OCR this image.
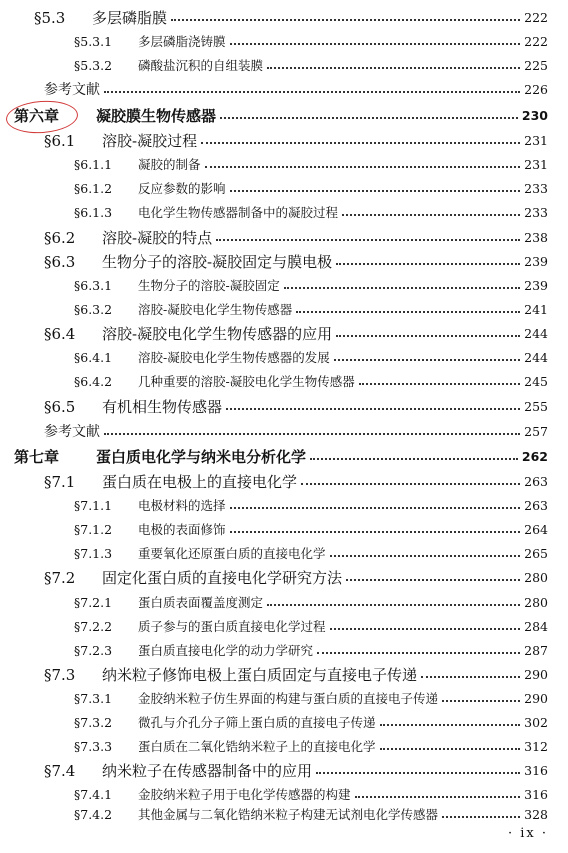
§5.3	多层磷脂膜	222
§5.3.1	多层磷脂浇铸膜	222
§5.3.2	磷酸盐沉积的自组装膜	225
参考文献	226
第六章	凝胶膜生物传感器	230
§6.1	溶胶-凝胶过程	231
§6.1.1	凝胶的制备	231
§6.1.2	反应参数的影响	233
§6.1.3	电化学生物传感器制备中的凝胶过程	233
§6.2	溶胶-凝胶的特点	238
§6.3	生物分子的溶胶-凝胶固定与膜电极	239
§6.3.1	生物分子的溶胶-凝胶固定	239
§6.3.2	溶胶-凝胶电化学生物传感器	241
§6.4	溶胶-凝胶电化学生物传感器的应用	244
§6.4.1	溶胶-凝胶电化学生物传感器的发展	244
§6.4.2	几种重要的溶胶-凝胶电化学生物传感器	245
§6.5	有机相生物传感器	255
参考文献	257
第七章	蛋白质电化学与纳米电分析化学	262
§7.1	蛋白质在电极上的直接电化学	263
§7.1.1	电极材料的选择	263
§7.1.2	电极的表面修饰	264
§7.1.3	重要氧化还原蛋白质的直接电化学	265
§7.2	固定化蛋白质的直接电化学研究方法	280
§7.2.1	蛋白质表面覆盖度测定	280
§7.2.2	质子参与的蛋白质直接电化学过程	284
§7.2.3	蛋白质直接电化学的动力学研究	287
§7.3	纳米粒子修饰电极上蛋白质固定与直接电子传递	290
§7.3.1	金胶纳米粒子仿生界面的构建与蛋白质的直接电子传递	290
§7.3.2	微孔与介孔分子筛上蛋白质的直接电子传递	302
§7.3.3	蛋白质在二氧化锆纳米粒子上的直接电化学	312
§7.4	纳米粒子在传感器制备中的应用	316
§7.4.1	金胶纳米粒子用于电化学传感器的构建	316
§7.4.2	其他金属与二氧化锆纳米粒子构建无试剂电化学传感器	328
· ix ·
